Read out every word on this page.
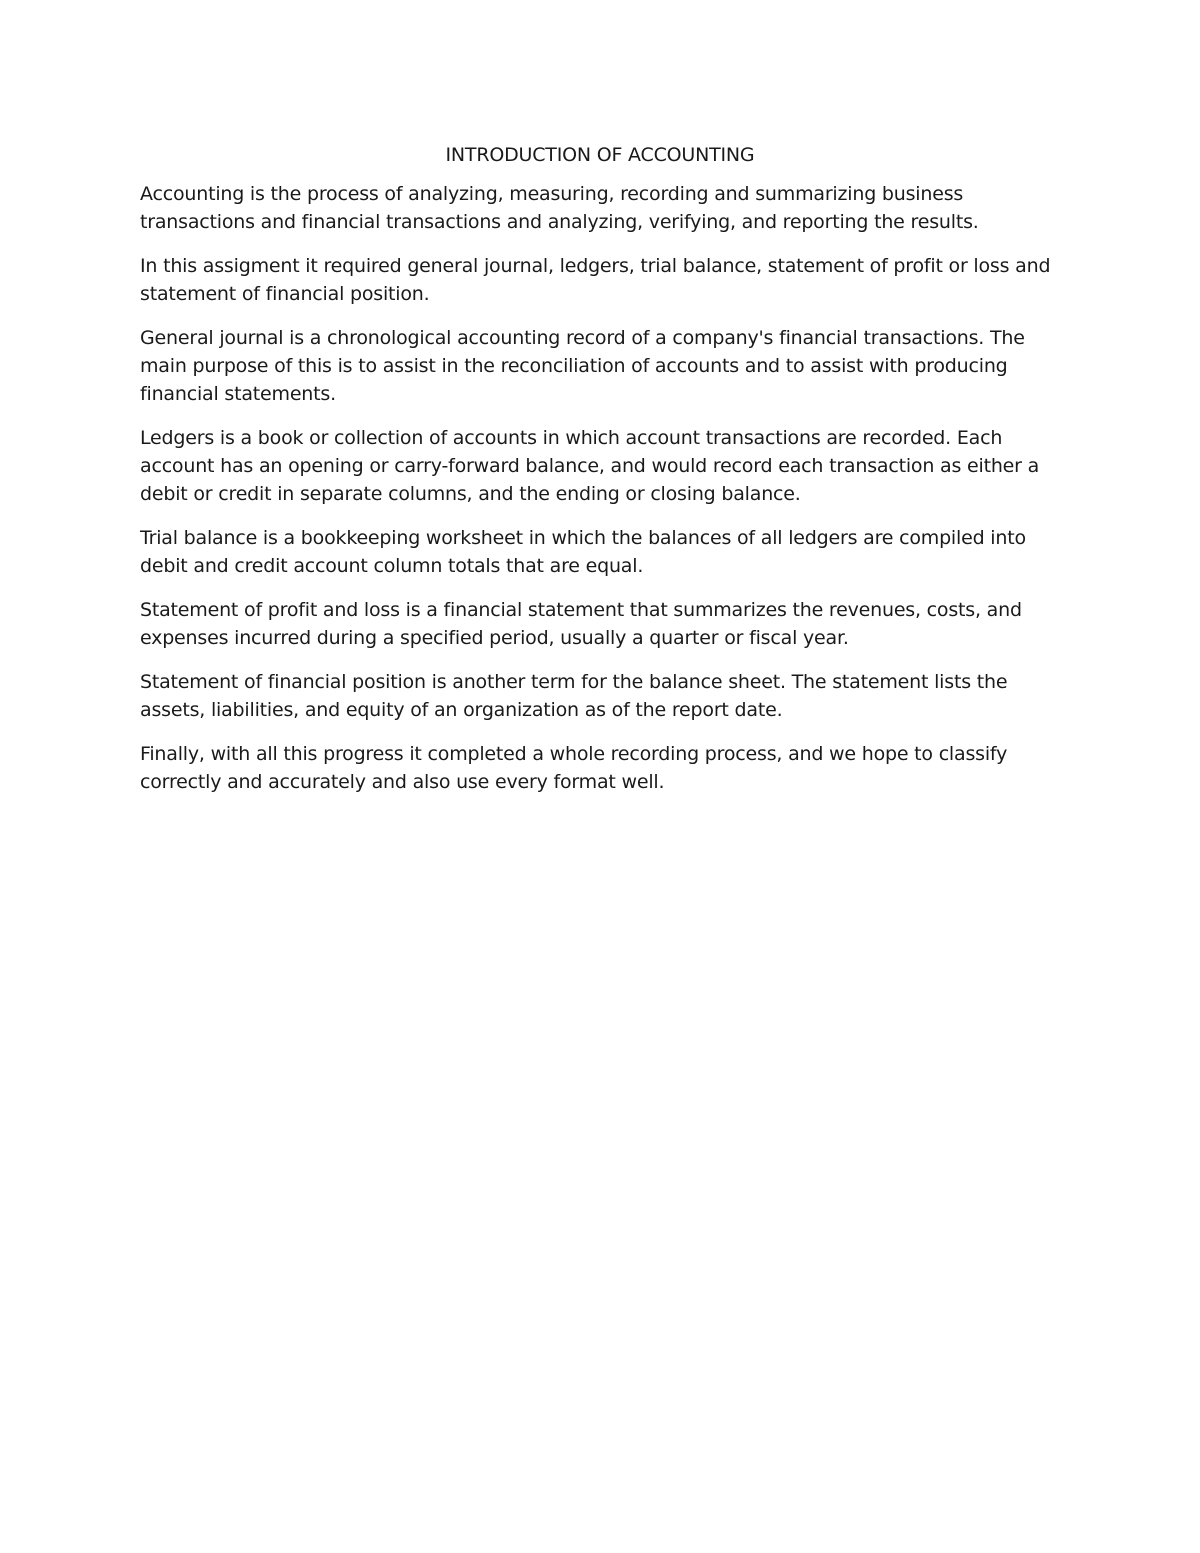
INTRODUCTION OF ACCOUNTING

Accounting is the process of analyzing, measuring, recording and summarizing business transactions and financial transactions and analyzing, verifying, and reporting the results.

In this assigment it required general journal, ledgers, trial balance, statement of profit or loss and statement of financial position.

General journal is a chronological accounting record of a company's financial transactions. The main purpose of this is to assist in the reconciliation of accounts and to assist with producing financial statements.

Ledgers is a book or collection of accounts in which account transactions are recorded. Each account has an opening or carry-forward balance, and would record each transaction as either a debit or credit in separate columns, and the ending or closing balance.

Trial balance is a bookkeeping worksheet in which the balances of all ledgers are compiled into debit and credit account column totals that are equal.

Statement of profit and loss is a financial statement that summarizes the revenues, costs, and expenses incurred during a specified period, usually a quarter or fiscal year.

Statement of financial position is another term for the balance sheet. The statement lists the assets, liabilities, and equity of an organization as of the report date.

Finally, with all this progress it completed a whole recording process, and we hope to classify correctly and accurately and also use every format well.
